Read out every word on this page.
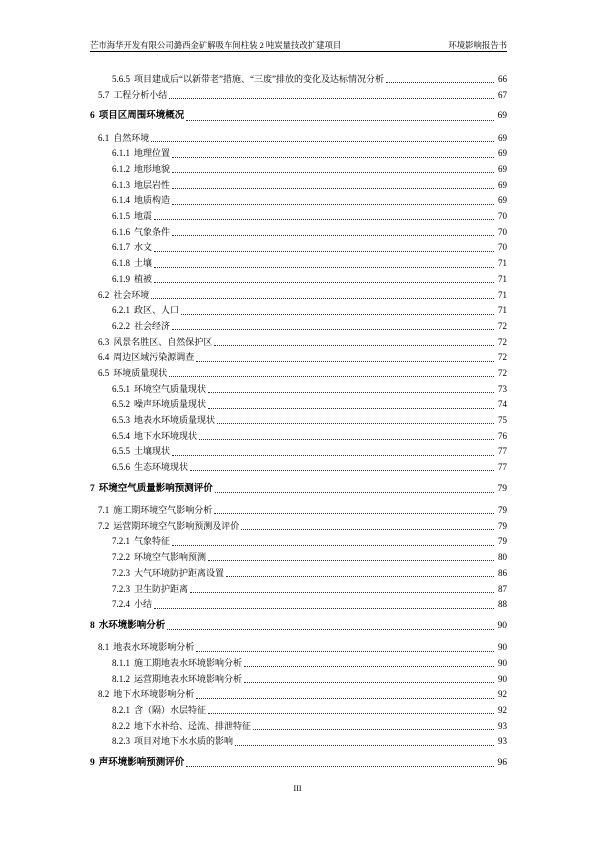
芒市海华开发有限公司潞西金矿解吸车间柱装 2 吨炭量技改扩建项目	环境影响报告书
5.6.5 项目建成后“以新带老”措施、“三废”排放的变化及达标情况分析	66
5.7 工程分析小结	67
6 项目区周围环境概况	69
6.1 自然环境	69
6.1.1 地理位置	69
6.1.2 地形地貌	69
6.1.3 地层岩性	69
6.1.4 地质构造	69
6.1.5 地震	70
6.1.6 气象条件	70
6.1.7 水文	70
6.1.8 土壤	71
6.1.9 植被	71
6.2 社会环境	71
6.2.1 政区、人口	71
6.2.2 社会经济	72
6.3 风景名胜区、自然保护区	72
6.4 周边区域污染源调查	72
6.5 环境质量现状	72
6.5.1 环境空气质量现状	73
6.5.2 噪声环境质量现状	74
6.5.3 地表水环境质量现状	75
6.5.4 地下水环境现状	76
6.5.5 土壤现状	77
6.5.6 生态环境现状	77
7 环境空气质量影响预测评价	79
7.1 施工期环境空气影响分析	79
7.2 运营期环境空气影响预测及评价	79
7.2.1 气象特征	79
7.2.2 环境空气影响预测	80
7.2.3 大气环境防护距离设置	86
7.2.3 卫生防护距离	87
7.2.4 小结	88
8 水环境影响分析	90
8.1 地表水环境影响分析	90
8.1.1 施工期地表水环境影响分析	90
8.1.2 运营期地表水环境影响分析	90
8.2 地下水环境影响分析	92
8.2.1 含（隔）水层特征	92
8.2.2 地下水补给、迳流、排泄特征	93
8.2.3 项目对地下水水质的影响	93
9 声环境影响预测评价	96
III
